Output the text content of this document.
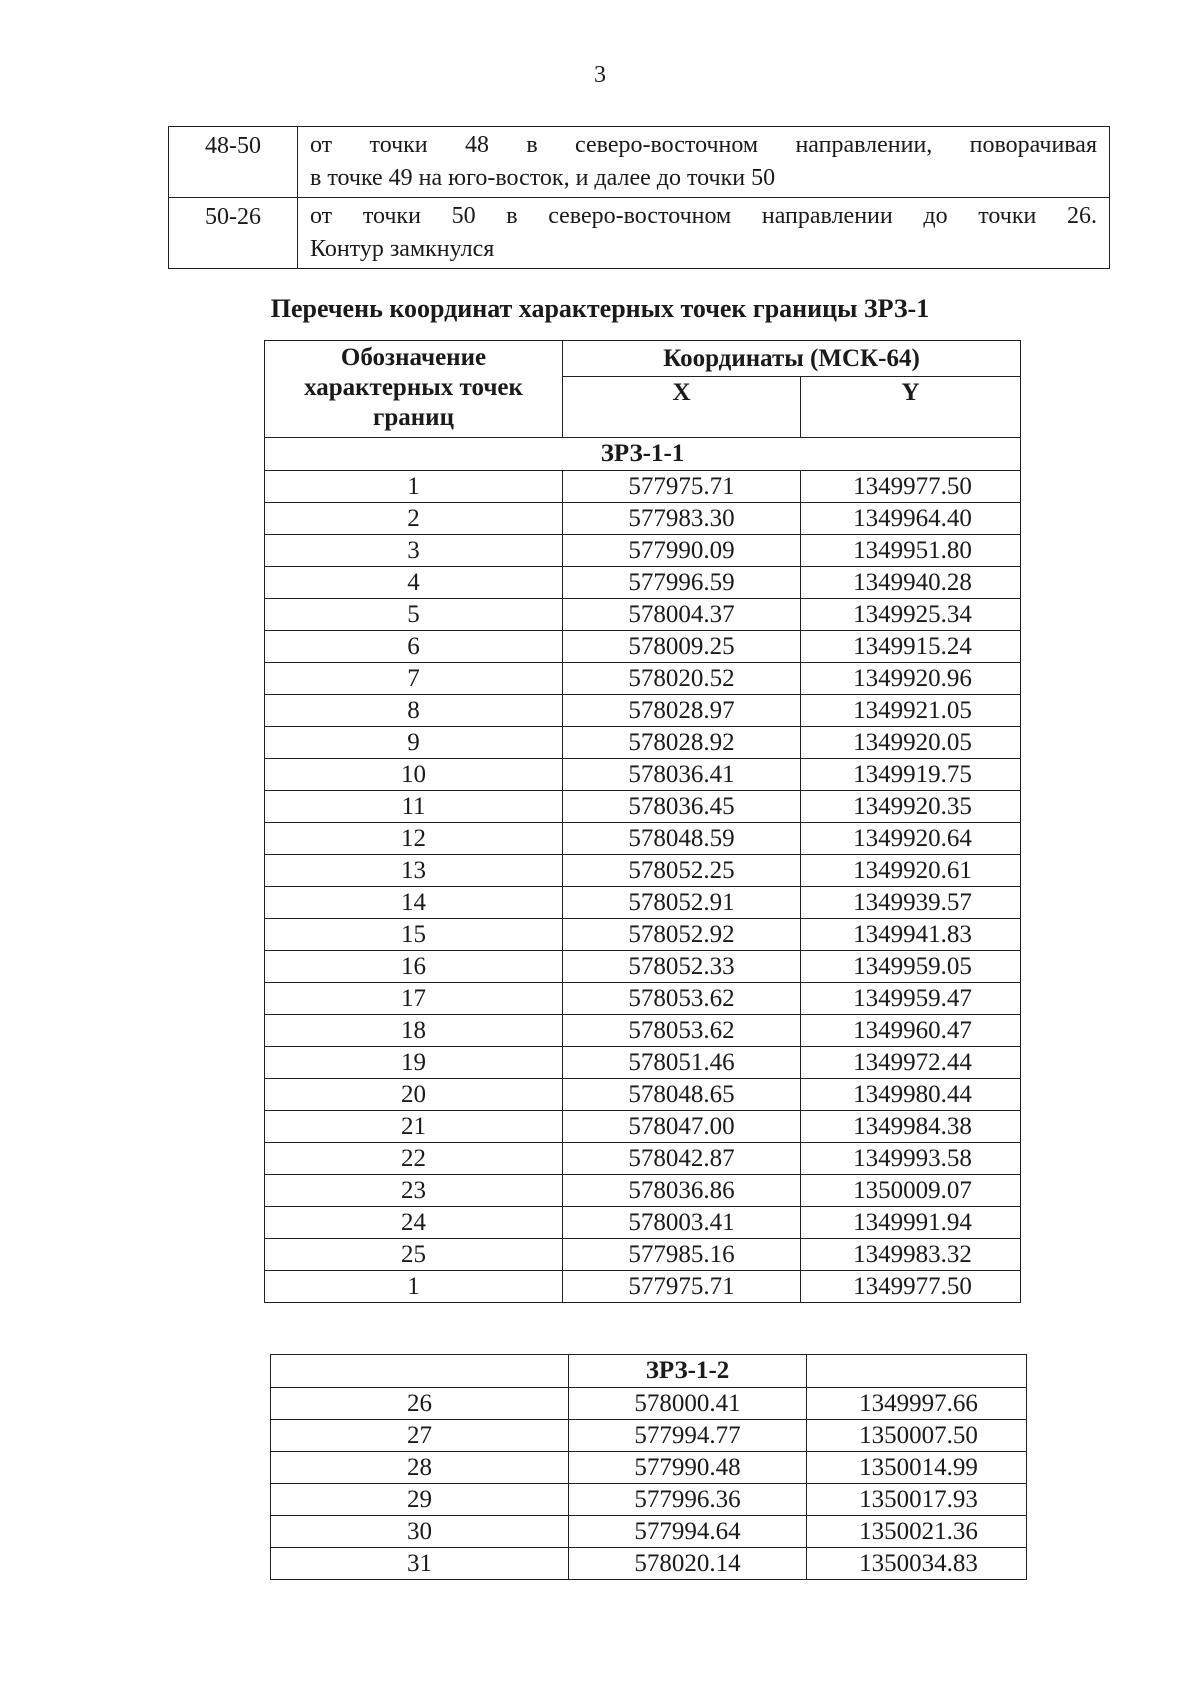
3
48-50	от точки 48 в северо-восточном направлении, поворачивая
в точке 49 на юго-восток, и далее до точки 50
50-26	от точки 50 в северо-восточном направлении до точки 26.
Контур замкнулся
Перечень координат характерных точек границы ЗРЗ-1
Обозначение характерных точек границ	Координаты (МСК-64)	
	X	Y
ЗРЗ-1-1		
1	577975.71	1349977.50
2	577983.30	1349964.40
3	577990.09	1349951.80
4	577996.59	1349940.28
5	578004.37	1349925.34
6	578009.25	1349915.24
7	578020.52	1349920.96
8	578028.97	1349921.05
9	578028.92	1349920.05
10	578036.41	1349919.75
11	578036.45	1349920.35
12	578048.59	1349920.64
13	578052.25	1349920.61
14	578052.91	1349939.57
15	578052.92	1349941.83
16	578052.33	1349959.05
17	578053.62	1349959.47
18	578053.62	1349960.47
19	578051.46	1349972.44
20	578048.65	1349980.44
21	578047.00	1349984.38
22	578042.87	1349993.58
23	578036.86	1350009.07
24	578003.41	1349991.94
25	577985.16	1349983.32
1	577975.71	1349977.50
	ЗРЗ-1-2	
26	578000.41	1349997.66
27	577994.77	1350007.50
28	577990.48	1350014.99
29	577996.36	1350017.93
30	577994.64	1350021.36
31	578020.14	1350034.83
